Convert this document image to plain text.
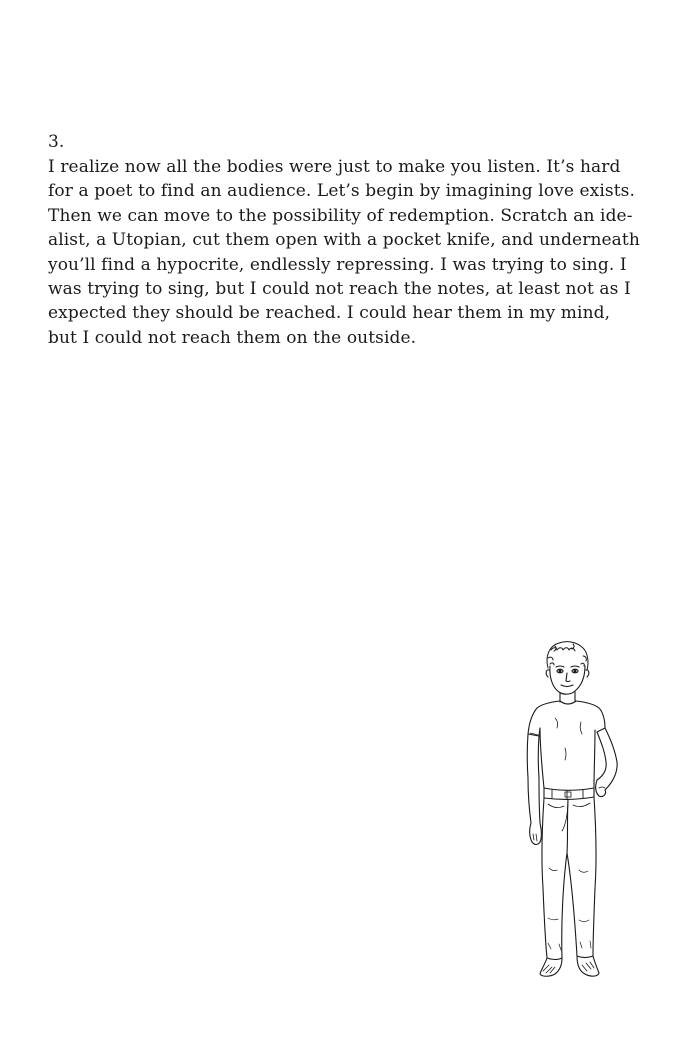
3.

I realize now all the bodies were just to make you listen. It’s hard
for a poet to find an audience. Let’s begin by imagining love exists.
Then we can move to the possibility of redemption. Scratch an ide-
alist, a Utopian, cut them open with a pocket knife, and underneath
you’ll find a hypocrite, endlessly repressing. I was trying to sing. I
was trying to sing, but I could not reach the notes, at least not as I
expected they should be reached. I could hear them in my mind,
but I could not reach them on the outside.
